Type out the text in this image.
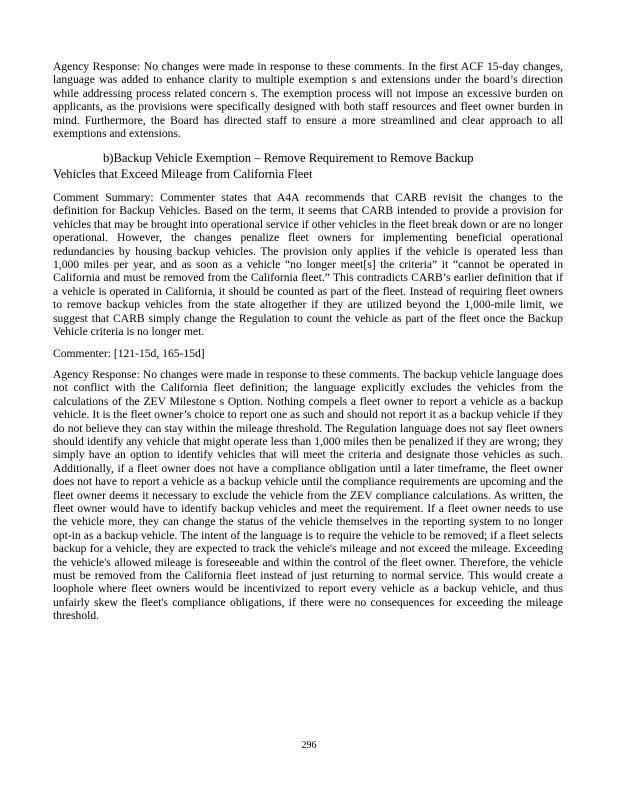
Agency Response: No changes were made in response to these comments. In the first ACF 15-day changes, language was added to enhance clarity to multiple exemption s and extensions under the board’s direction while addressing process related concern s. The exemption process will not impose an excessive burden on applicants, as the provisions were specifically designed with both staff resources and fleet owner burden in mind. Furthermore, the Board has directed staff to ensure a more streamlined and clear approach to all exemptions and extensions.

b)Backup Vehicle Exemption – Remove Requirement to Remove Backup
Vehicles that Exceed Mileage from California Fleet

Comment Summary: Commenter states that A4A recommends that CARB revisit the changes to the definition for Backup Vehicles. Based on the term, it seems that CARB intended to provide a provision for vehicles that may be brought into operational service if other vehicles in the fleet break down or are no longer operational. However, the changes penalize fleet owners for implementing beneficial operational redundancies by housing backup vehicles. The provision only applies if the vehicle is operated less than 1,000 miles per year, and as soon as a vehicle “no longer meet[s] the criteria” it “cannot be operated in California and must be removed from the California fleet.” This contradicts CARB’s earlier definition that if a vehicle is operated in California, it should be counted as part of the fleet. Instead of requiring fleet owners to remove backup vehicles from the state altogether if they are utilized beyond the 1,000-mile limit, we suggest that CARB simply change the Regulation to count the vehicle as part of the fleet once the Backup Vehicle criteria is no longer met.

Commenter: [121-15d, 165-15d]

Agency Response: No changes were made in response to these comments. The backup vehicle language does not conflict with the California fleet definition; the language explicitly excludes the vehicles from the calculations of the ZEV Milestone s Option. Nothing compels a fleet owner to report a vehicle as a backup vehicle. It is the fleet owner’s choice to report one as such and should not report it as a backup vehicle if they do not believe they can stay within the mileage threshold. The Regulation language does not say fleet owners should identify any vehicle that might operate less than 1,000 miles then be penalized if they are wrong; they simply have an option to identify vehicles that will meet the criteria and designate those vehicles as such. Additionally, if a fleet owner does not have a compliance obligation until a later timeframe, the fleet owner does not have to report a vehicle as a backup vehicle until the compliance requirements are upcoming and the fleet owner deems it necessary to exclude the vehicle from the ZEV compliance calculations. As written, the fleet owner would have to identify backup vehicles and meet the requirement. If a fleet owner needs to use the vehicle more, they can change the status of the vehicle themselves in the reporting system to no longer opt-in as a backup vehicle. The intent of the language is to require the vehicle to be removed; if a fleet selects backup for a vehicle, they are expected to track the vehicle's mileage and not exceed the mileage. Exceeding the vehicle's allowed mileage is foreseeable and within the control of the fleet owner. Therefore, the vehicle must be removed from the California fleet instead of just returning to normal service. This would create a loophole where fleet owners would be incentivized to report every vehicle as a backup vehicle, and thus unfairly skew the fleet's compliance obligations, if there were no consequences for exceeding the mileage threshold.

296
